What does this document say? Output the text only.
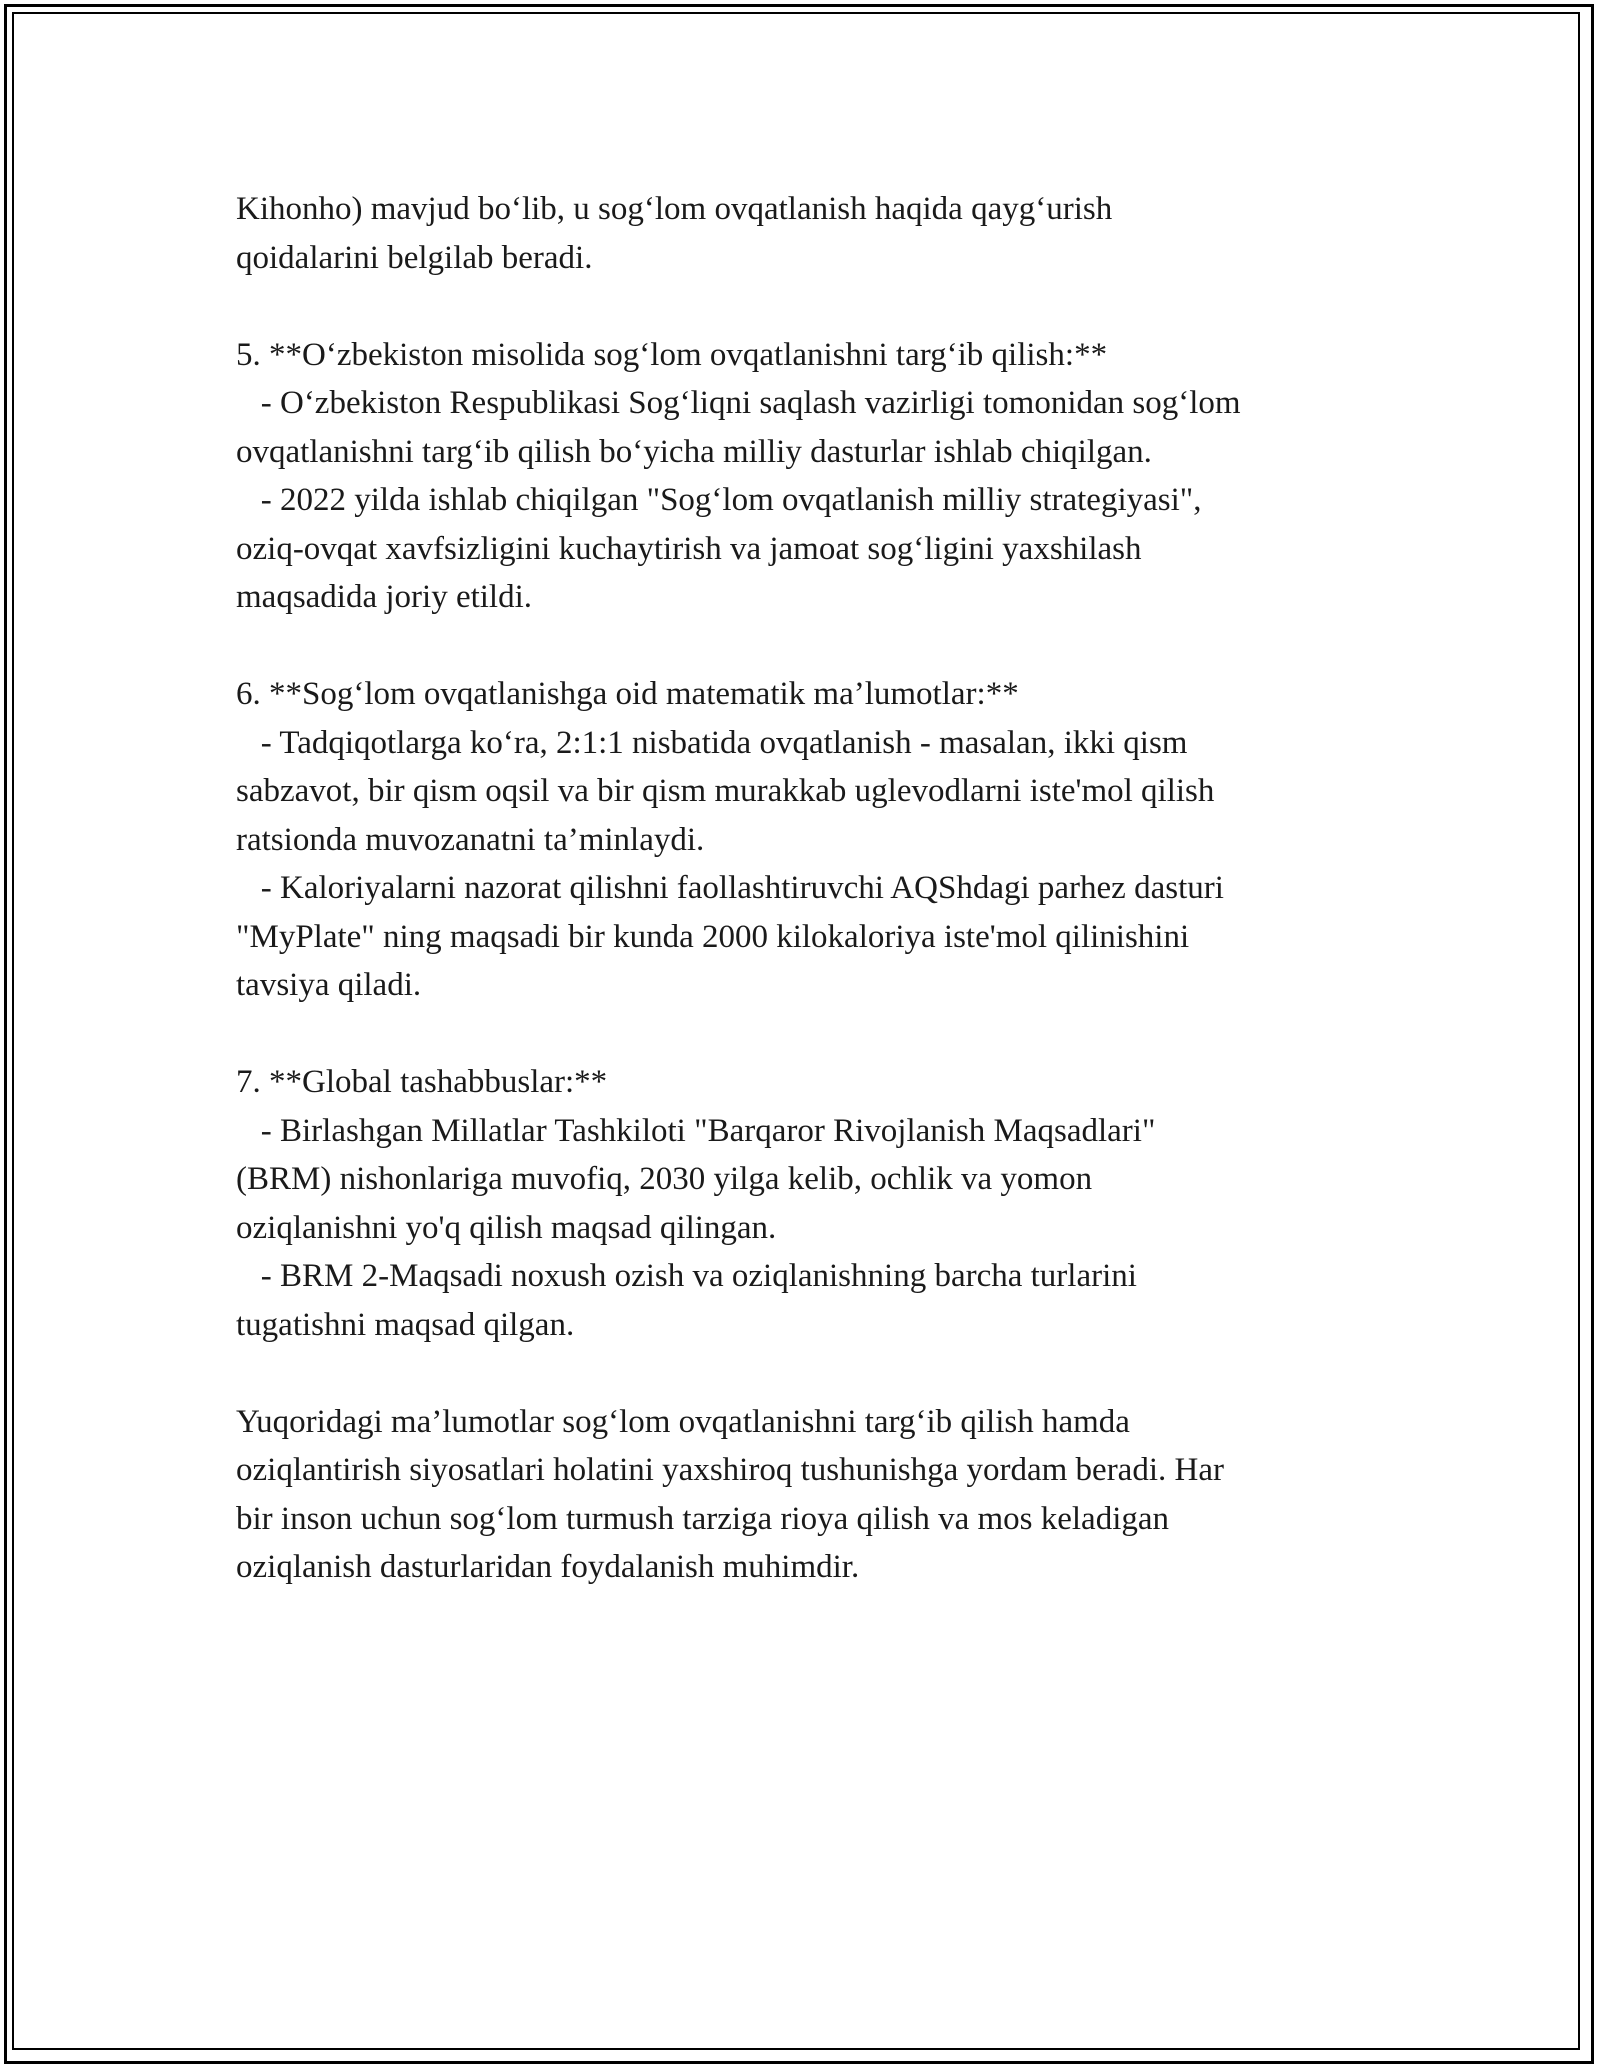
Kihonho) mavjud bo‘lib, u sog‘lom ovqatlanish haqida qayg‘urish
qoidalarini belgilab beradi.

5. **O‘zbekiston misolida sog‘lom ovqatlanishni targ‘ib qilish:**
- O‘zbekiston Respublikasi Sog‘liqni saqlash vazirligi tomonidan sog‘lom
ovqatlanishni targ‘ib qilish bo‘yicha milliy dasturlar ishlab chiqilgan.
- 2022 yilda ishlab chiqilgan "Sog‘lom ovqatlanish milliy strategiyasi",
oziq-ovqat xavfsizligini kuchaytirish va jamoat sog‘ligini yaxshilash
maqsadida joriy etildi.

6. **Sog‘lom ovqatlanishga oid matematik ma’lumotlar:**
- Tadqiqotlarga ko‘ra, 2:1:1 nisbatida ovqatlanish - masalan, ikki qism
sabzavot, bir qism oqsil va bir qism murakkab uglevodlarni iste'mol qilish
ratsionda muvozanatni ta’minlaydi.
- Kaloriyalarni nazorat qilishni faollashtiruvchi AQShdagi parhez dasturi
"MyPlate" ning maqsadi bir kunda 2000 kilokaloriya iste'mol qilinishini
tavsiya qiladi.

7. **Global tashabbuslar:**
- Birlashgan Millatlar Tashkiloti "Barqaror Rivojlanish Maqsadlari"
(BRM) nishonlariga muvofiq, 2030 yilga kelib, ochlik va yomon
oziqlanishni yo'q qilish maqsad qilingan.
- BRM 2-Maqsadi noxush ozish va oziqlanishning barcha turlarini
tugatishni maqsad qilgan.

Yuqoridagi ma’lumotlar sog‘lom ovqatlanishni targ‘ib qilish hamda
oziqlantirish siyosatlari holatini yaxshiroq tushunishga yordam beradi. Har
bir inson uchun sog‘lom turmush tarziga rioya qilish va mos keladigan
oziqlanish dasturlaridan foydalanish muhimdir.
